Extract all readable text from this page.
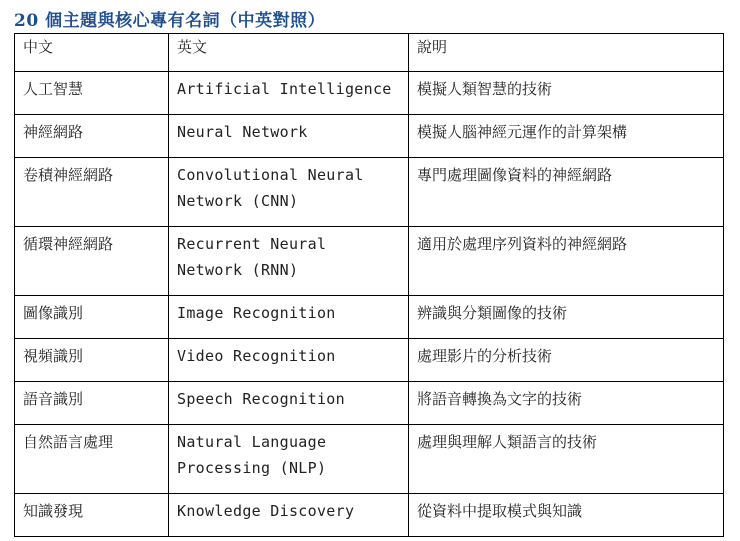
20 個主題與核心專有名詞（中英對照）
中文	英文	說明
人工智慧	Artificial Intelligence	模擬人類智慧的技術
神經網路	Neural Network	模擬人腦神經元運作的計算架構
卷積神經網路	Convolutional Neural Network (CNN)	專門處理圖像資料的神經網路
循環神經網路	Recurrent Neural Network (RNN)	適用於處理序列資料的神經網路
圖像識別	Image Recognition	辨識與分類圖像的技術
視頻識別	Video Recognition	處理影片的分析技術
語音識別	Speech Recognition	將語音轉換為文字的技術
自然語言處理	Natural Language Processing (NLP)	處理與理解人類語言的技術
知識發現	Knowledge Discovery	從資料中提取模式與知識
